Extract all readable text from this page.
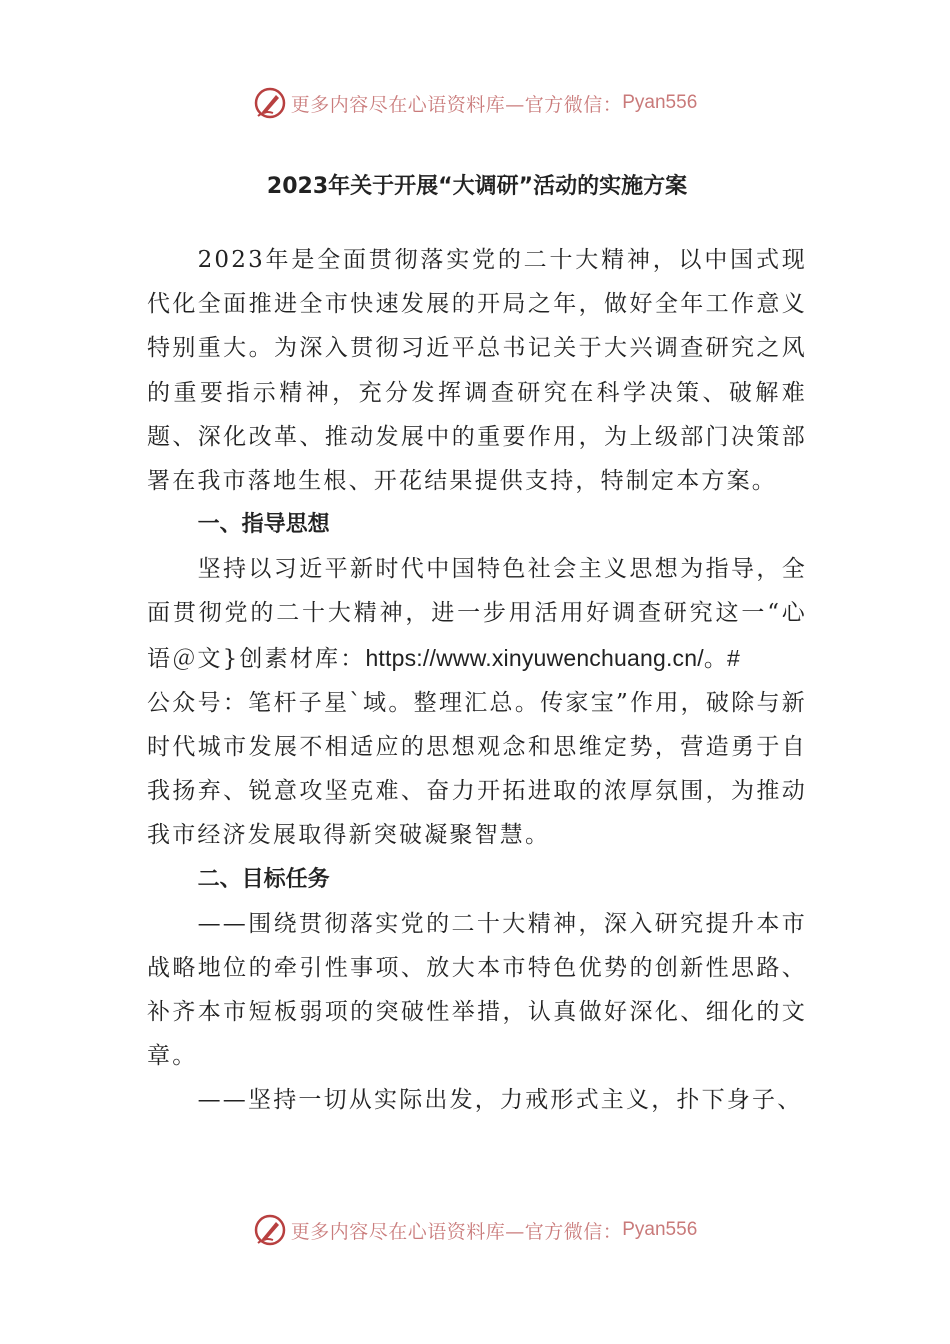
更多内容尽在心语资料库—官方微信： Pyan556
2023年关于开展“大调研”活动的实施方案

2023年是全面贯彻落实党的二十大精神，以中国式现代化全面推进全市快速发展的开局之年，做好全年工作意义特别重大。为深入贯彻习近平总书记关于大兴调查研究之风的重要指示精神，充分发挥调查研究在科学决策、破解难题、深化改革、推动发展中的重要作用，为上级部门决策部署在我市落地生根、开花结果提供支持，特制定本方案。

一、指导思想

坚持以习近平新时代中国特色社会主义思想为指导，全面贯彻党的二十大精神，进一步用活用好调查研究这一“心语＠文}创素材库：https://www.xinyuwenchuang.cn/。#

公众号：笔杆子星`域。整理汇总。传家宝”作用，破除与新时代城市发展不相适应的思想观念和思维定势，营造勇于自我扬弃、锐意攻坚克难、奋力开拓进取的浓厚氛围，为推动我市经济发展取得新突破凝聚智慧。

二、目标任务

——围绕贯彻落实党的二十大精神，深入研究提升本市战略地位的牵引性事项、放大本市特色优势的创新性思路、补齐本市短板弱项的突破性举措，认真做好深化、细化的文章。

——坚持一切从实际出发，力戒形式主义，扑下身子、

更多内容尽在心语资料库—官方微信： Pyan556
